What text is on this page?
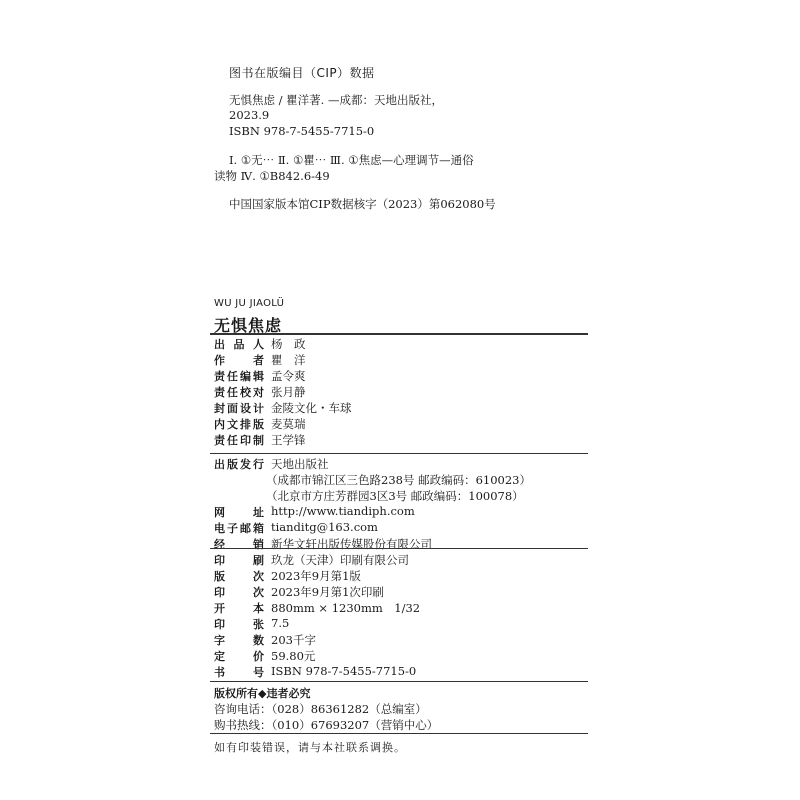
图书在版编目（CIP）数据
无惧焦虑 / 瞿洋著. —成都：天地出版社，
2023.9
ISBN 978-7-5455-7715-0
Ⅰ. ①无⋯ Ⅱ. ①瞿⋯ Ⅲ. ①焦虑—心理调节—通俗
读物 Ⅳ. ①B842.6-49
中国国家版本馆CIP数据核字（2023）第062080号
WU JU JIAOLÜ
无惧焦虑
出品人 杨　政
作者 瞿　洋
责任编辑 孟令爽
责任校对 张月静
封面设计 金陵文化・车球
内文排版 麦莫瑞
责任印制 王学锋
出版发行 天地出版社
（成都市锦江区三色路238号 邮政编码：610023）
（北京市方庄芳群园3区3号 邮政编码：100078）
网址 http://www.tiandiph.com
电子邮箱 tianditg@163.com
经销 新华文轩出版传媒股份有限公司
印刷 玖龙（天津）印刷有限公司
版次 2023年9月第1版
印次 2023年9月第1次印刷
开本 880mm × 1230mm　1/32
印张 7.5
字数 203千字
定价 59.80元
书号 ISBN 978-7-5455-7715-0
版权所有◆违者必究
咨询电话：（028）86361282（总编室）
购书热线：（010）67693207（营销中心）
如有印装错误，请与本社联系调换。
